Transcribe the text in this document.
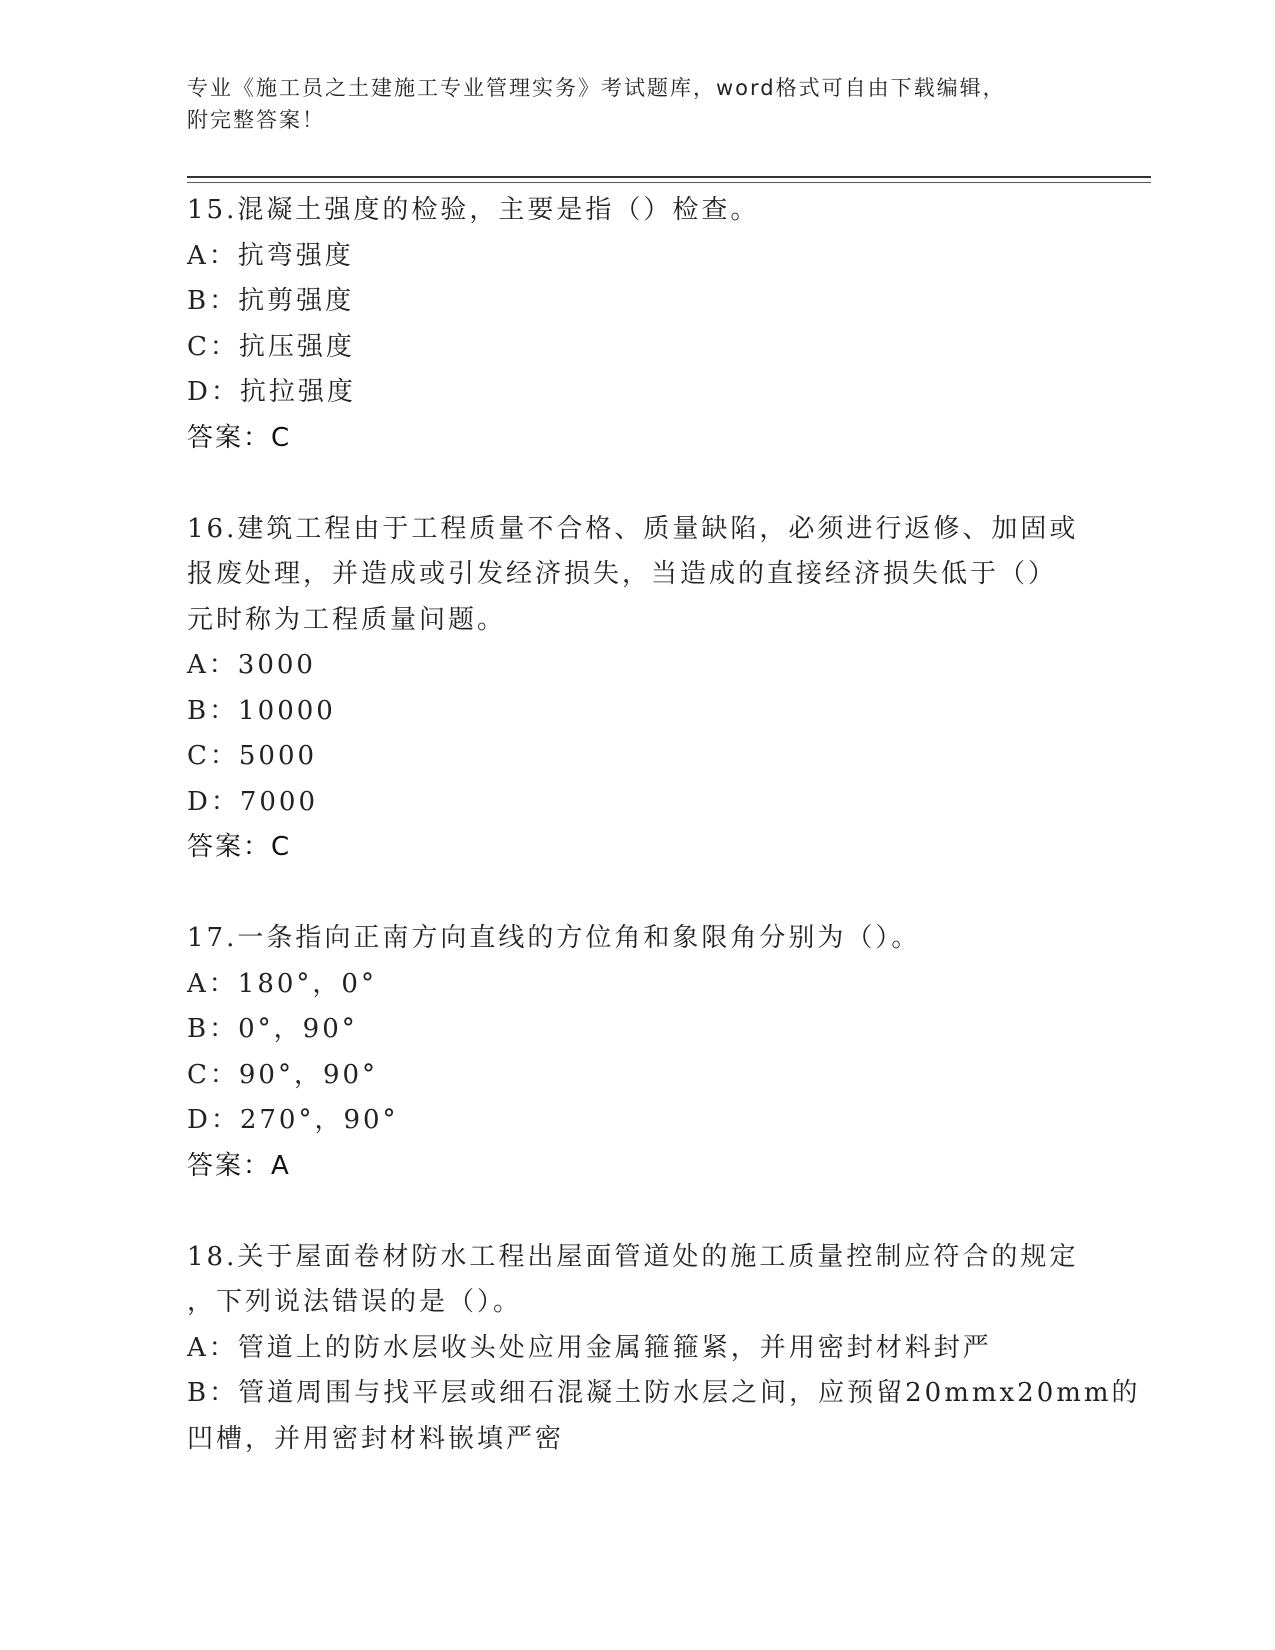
专业《施工员之土建施工专业管理实务》考试题库，word格式可自由下载编辑，
附完整答案！
15.混凝土强度的检验，主要是指（）检查。
A：抗弯强度
B：抗剪强度
C：抗压强度
D：抗拉强度
答案：C
16.建筑工程由于工程质量不合格、质量缺陷，必须进行返修、加固或
报废处理，并造成或引发经济损失，当造成的直接经济损失低于（）
元时称为工程质量问题。
A：3000
B：10000
C：5000
D：7000
答案：C
17.一条指向正南方向直线的方位角和象限角分别为（）。
A：180°，0°
B：0°，90°
C：90°，90°
D：270°，90°
答案：A
18.关于屋面卷材防水工程出屋面管道处的施工质量控制应符合的规定
，下列说法错误的是（）。
A：管道上的防水层收头处应用金属箍箍紧，并用密封材料封严
B：管道周围与找平层或细石混凝土防水层之间，应预留20mmx20mm的
凹槽，并用密封材料嵌填严密
